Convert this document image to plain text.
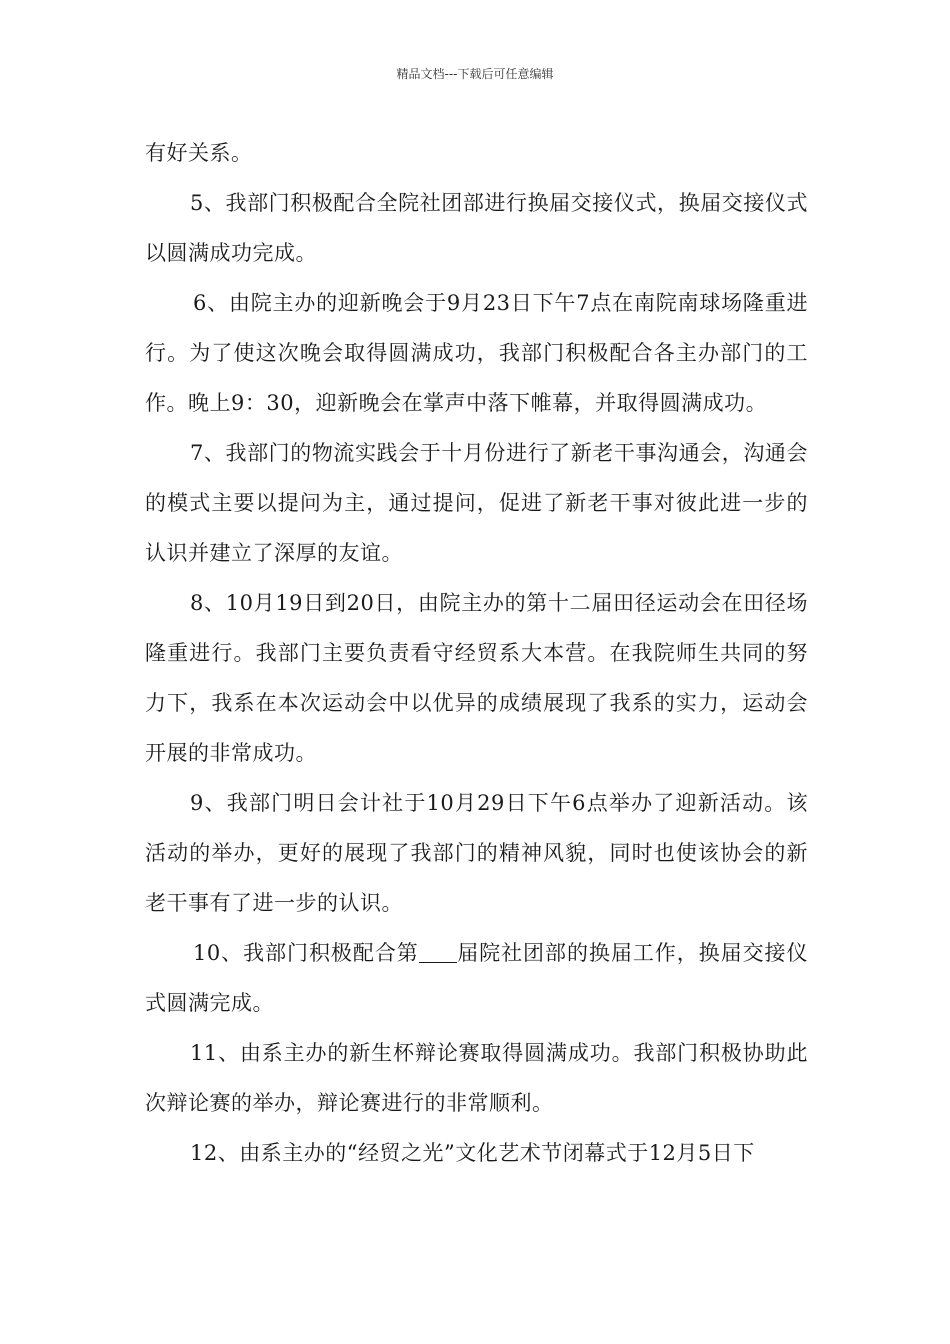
精品文档---下载后可任意编辑

有好关系。

5、我部门积极配合全院社团部进行换届交接仪式，换届交接仪式以圆满成功完成。

6、由院主办的迎新晚会于9月23日下午7点在南院南球场隆重进行。为了使这次晚会取得圆满成功，我部门积极配合各主办部门的工作。晚上9：30，迎新晚会在掌声中落下帷幕，并取得圆满成功。

7、我部门的物流实践会于十月份进行了新老干事沟通会，沟通会的模式主要以提问为主，通过提问，促进了新老干事对彼此进一步的认识并建立了深厚的友谊。

8、10月19日到20日，由院主办的第十二届田径运动会在田径场隆重进行。我部门主要负责看守经贸系大本营。在我院师生共同的努力下，我系在本次运动会中以优异的成绩展现了我系的实力，运动会开展的非常成功。

9、我部门明日会计社于10月29日下午6点举办了迎新活动。该活动的举办，更好的展现了我部门的精神风貌，同时也使该协会的新老干事有了进一步的认识。

10、我部门积极配合第 届院社团部的换届工作，换届交接仪式圆满完成。

11、由系主办的新生杯辩论赛取得圆满成功。我部门积极协助此次辩论赛的举办，辩论赛进行的非常顺利。

12、由系主办的“经贸之光”文化艺术节闭幕式于12月5日下
